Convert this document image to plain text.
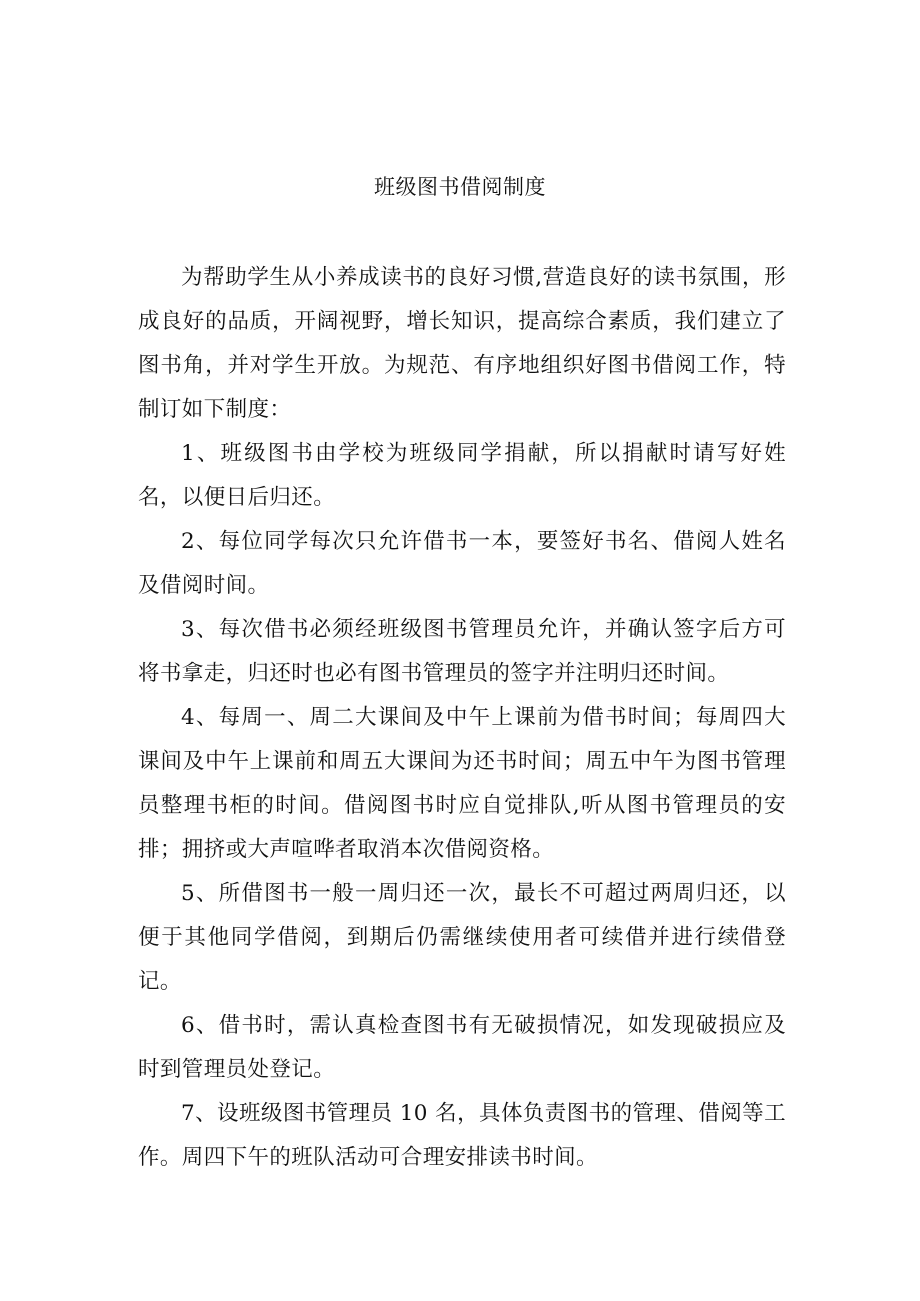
班级图书借阅制度

为帮助学生从小养成读书的良好习惯,营造良好的读书氛围，形成良好的品质，开阔视野，增长知识，提高综合素质，我们建立了图书角，并对学生开放。为规范、有序地组织好图书借阅工作，特制订如下制度：

1、班级图书由学校为班级同学捐献，所以捐献时请写好姓名，以便日后归还。

2、每位同学每次只允许借书一本，要签好书名、借阅人姓名及借阅时间。

3、每次借书必须经班级图书管理员允许，并确认签字后方可将书拿走，归还时也必有图书管理员的签字并注明归还时间。

4、每周一、周二大课间及中午上课前为借书时间；每周四大课间及中午上课前和周五大课间为还书时间；周五中午为图书管理员整理书柜的时间。借阅图书时应自觉排队,听从图书管理员的安排；拥挤或大声喧哗者取消本次借阅资格。

5、所借图书一般一周归还一次，最长不可超过两周归还，以便于其他同学借阅，到期后仍需继续使用者可续借并进行续借登记。

6、借书时，需认真检查图书有无破损情况，如发现破损应及时到管理员处登记。

7、设班级图书管理员 10 名，具体负责图书的管理、借阅等工作。周四下午的班队活动可合理安排读书时间。
